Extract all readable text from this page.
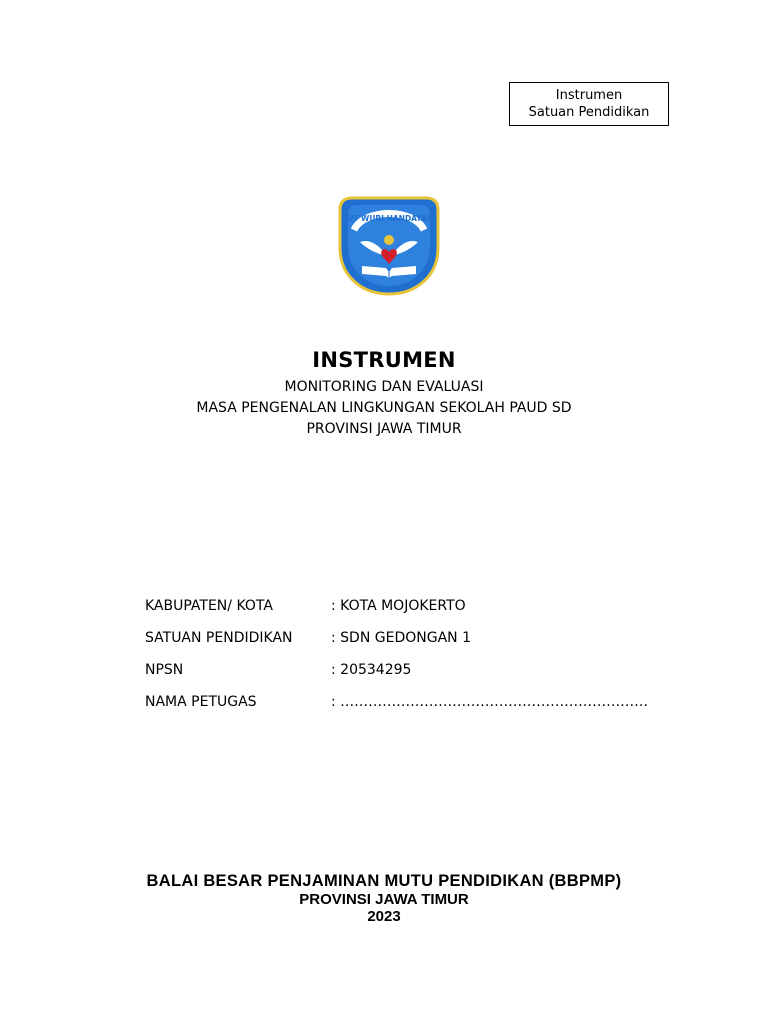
Instrumen
Satuan Pendidikan
TUT WURI HANDAYANI
INSTRUMEN
MONITORING DAN EVALUASI
MASA PENGENALAN LINGKUNGAN SEKOLAH PAUD SD
PROVINSI JAWA TIMUR
KABUPATEN/ KOTA	: KOTA MOJOKERTO
SATUAN PENDIDIKAN	: SDN GEDONGAN 1
NPSN	: 20534295
NAMA PETUGAS	: …………………………………………………………
BALAI BESAR PENJAMINAN MUTU PENDIDIKAN (BBPMP)
PROVINSI JAWA TIMUR
2023
